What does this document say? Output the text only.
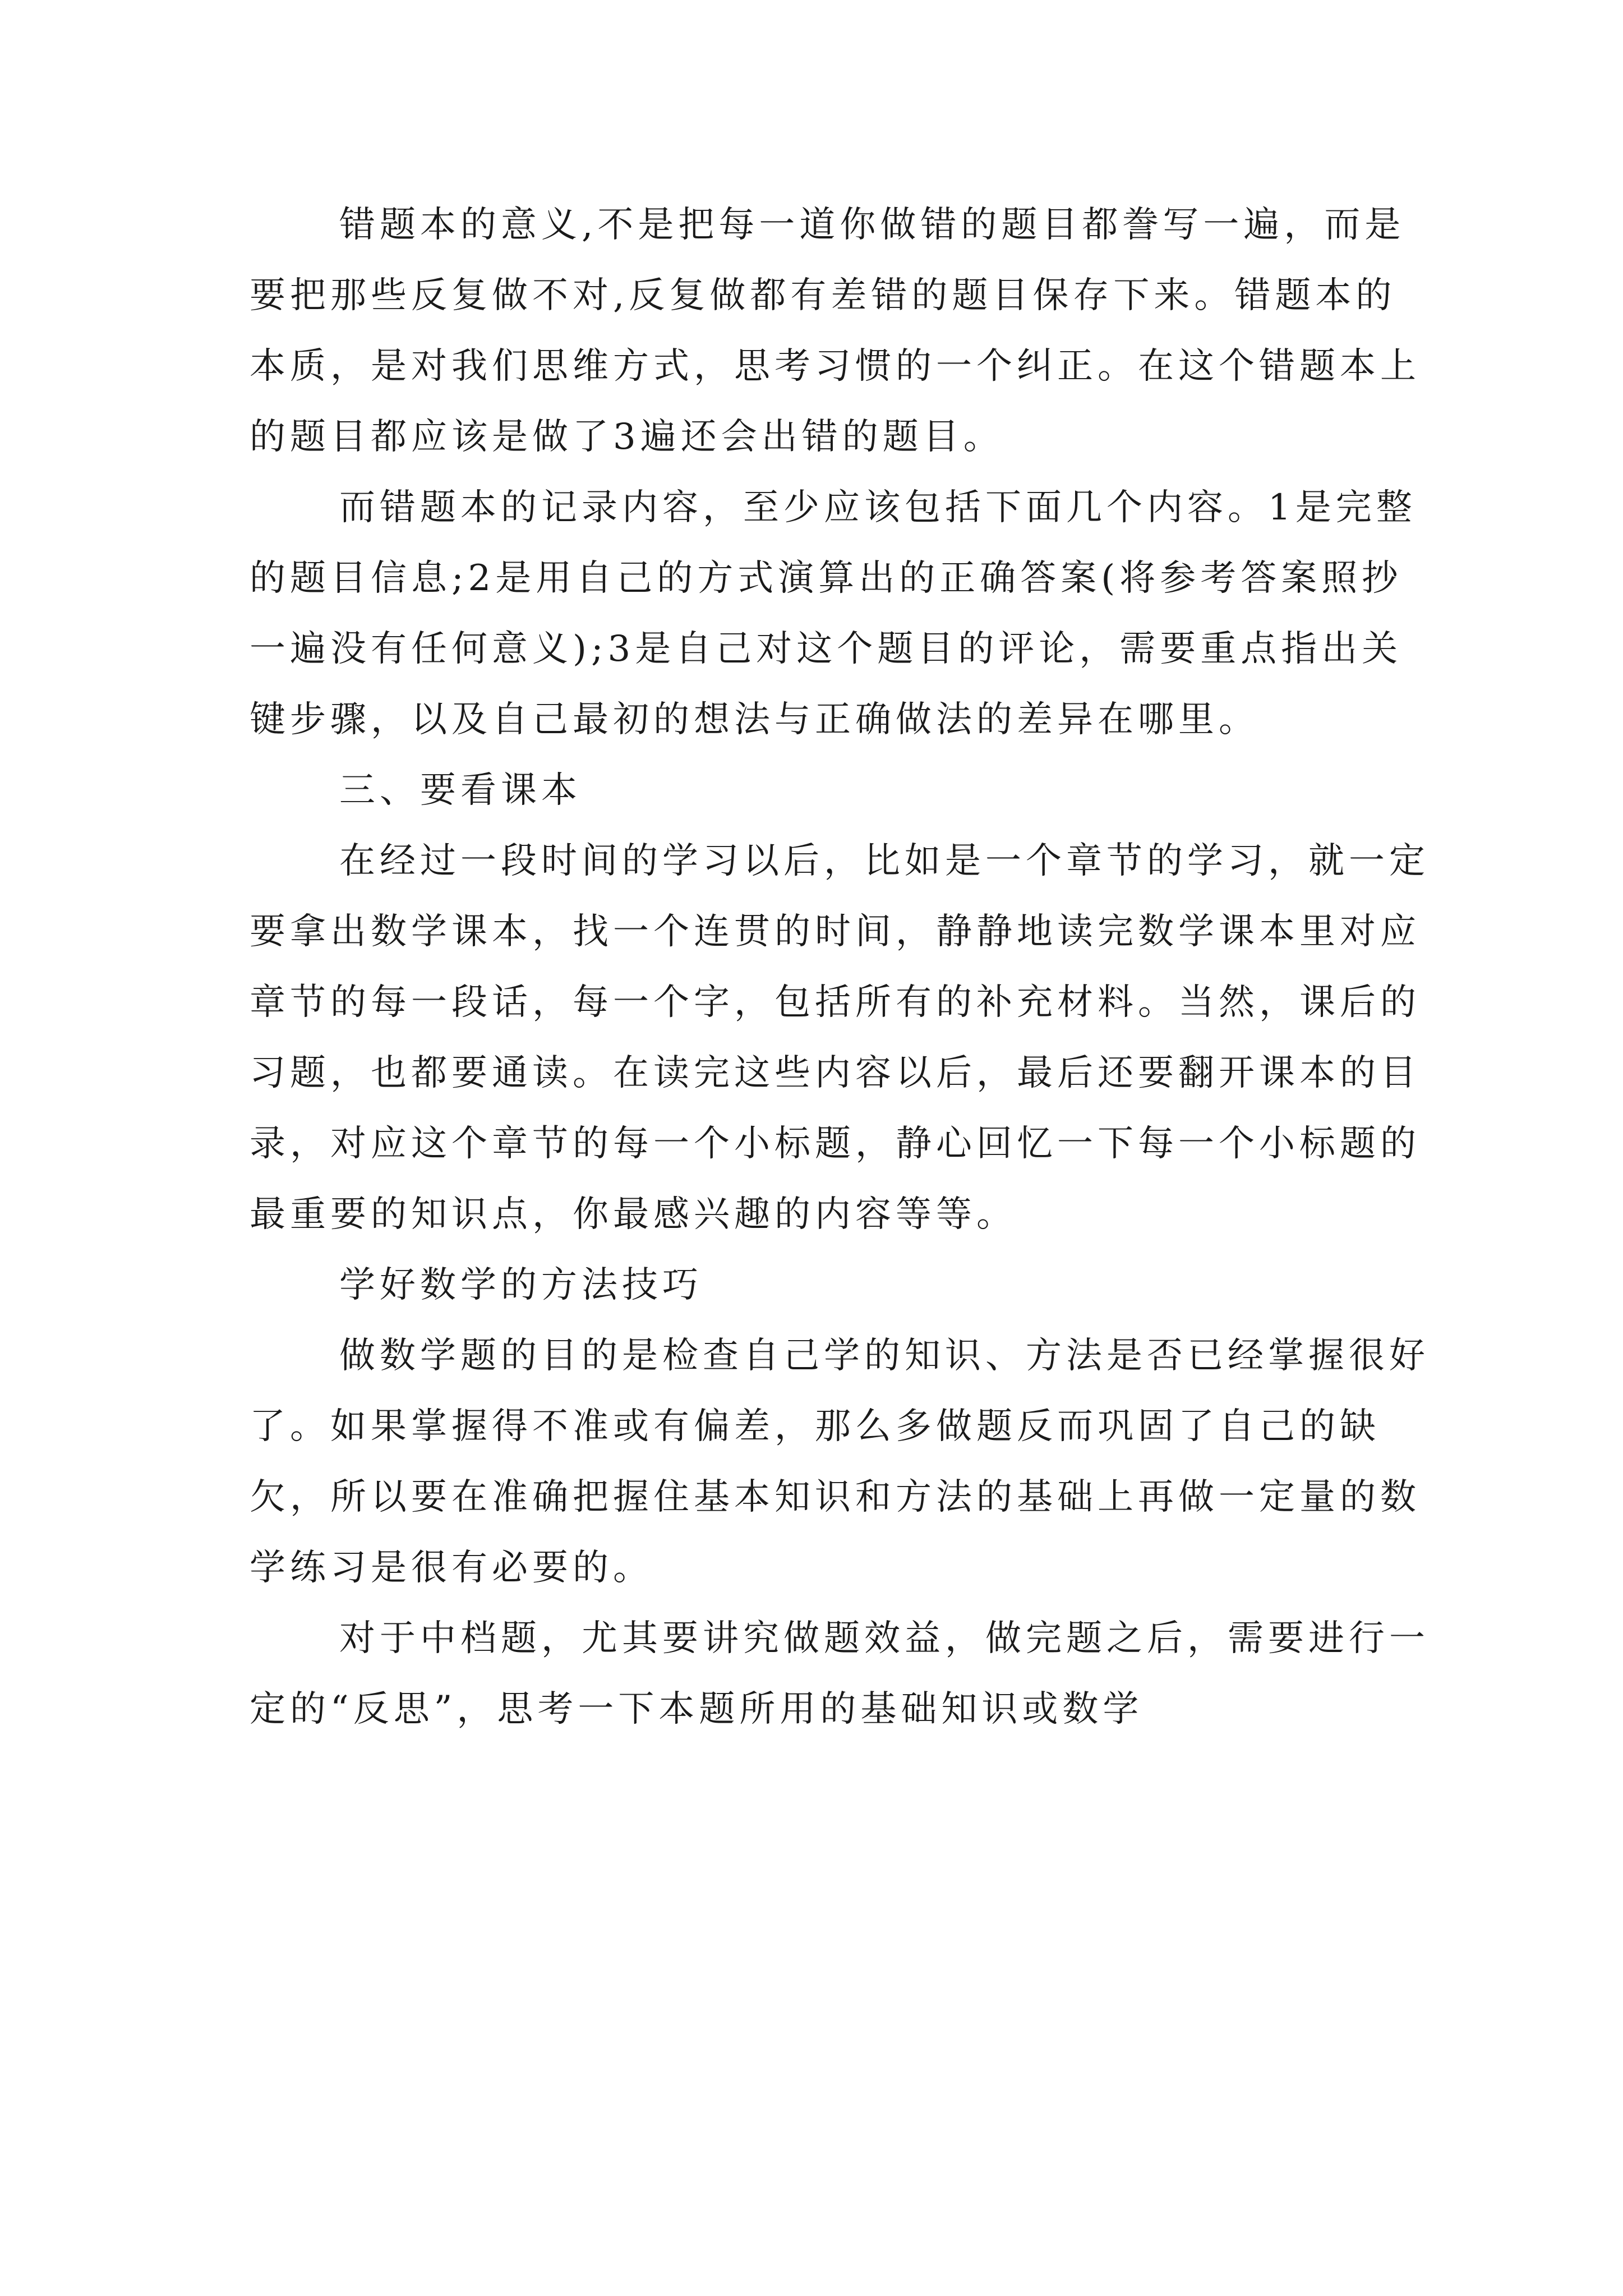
错题本的意义,不是把每一道你做错的题目都誊写一遍，而是要把那些反复做不对,反复做都有差错的题目保存下来。错题本的本质，是对我们思维方式，思考习惯的一个纠正。在这个错题本上的题目都应该是做了3遍还会出错的题目。

而错题本的记录内容，至少应该包括下面几个内容。1是完整的题目信息;2是用自己的方式演算出的正确答案(将参考答案照抄一遍没有任何意义);3是自己对这个题目的评论，需要重点指出关键步骤，以及自己最初的想法与正确做法的差异在哪里。

三、要看课本

在经过一段时间的学习以后，比如是一个章节的学习，就一定要拿出数学课本，找一个连贯的时间，静静地读完数学课本里对应章节的每一段话，每一个字，包括所有的补充材料。当然，课后的习题，也都要通读。在读完这些内容以后，最后还要翻开课本的目录，对应这个章节的每一个小标题，静心回忆一下每一个小标题的最重要的知识点，你最感兴趣的内容等等。

学好数学的方法技巧

做数学题的目的是检查自己学的知识、方法是否已经掌握很好了。如果掌握得不准或有偏差，那么多做题反而巩固了自己的缺欠，所以要在准确把握住基本知识和方法的基础上再做一定量的数学练习是很有必要的。

对于中档题，尤其要讲究做题效益，做完题之后，需要进行一定的“反思”，思考一下本题所用的基础知识或数学
